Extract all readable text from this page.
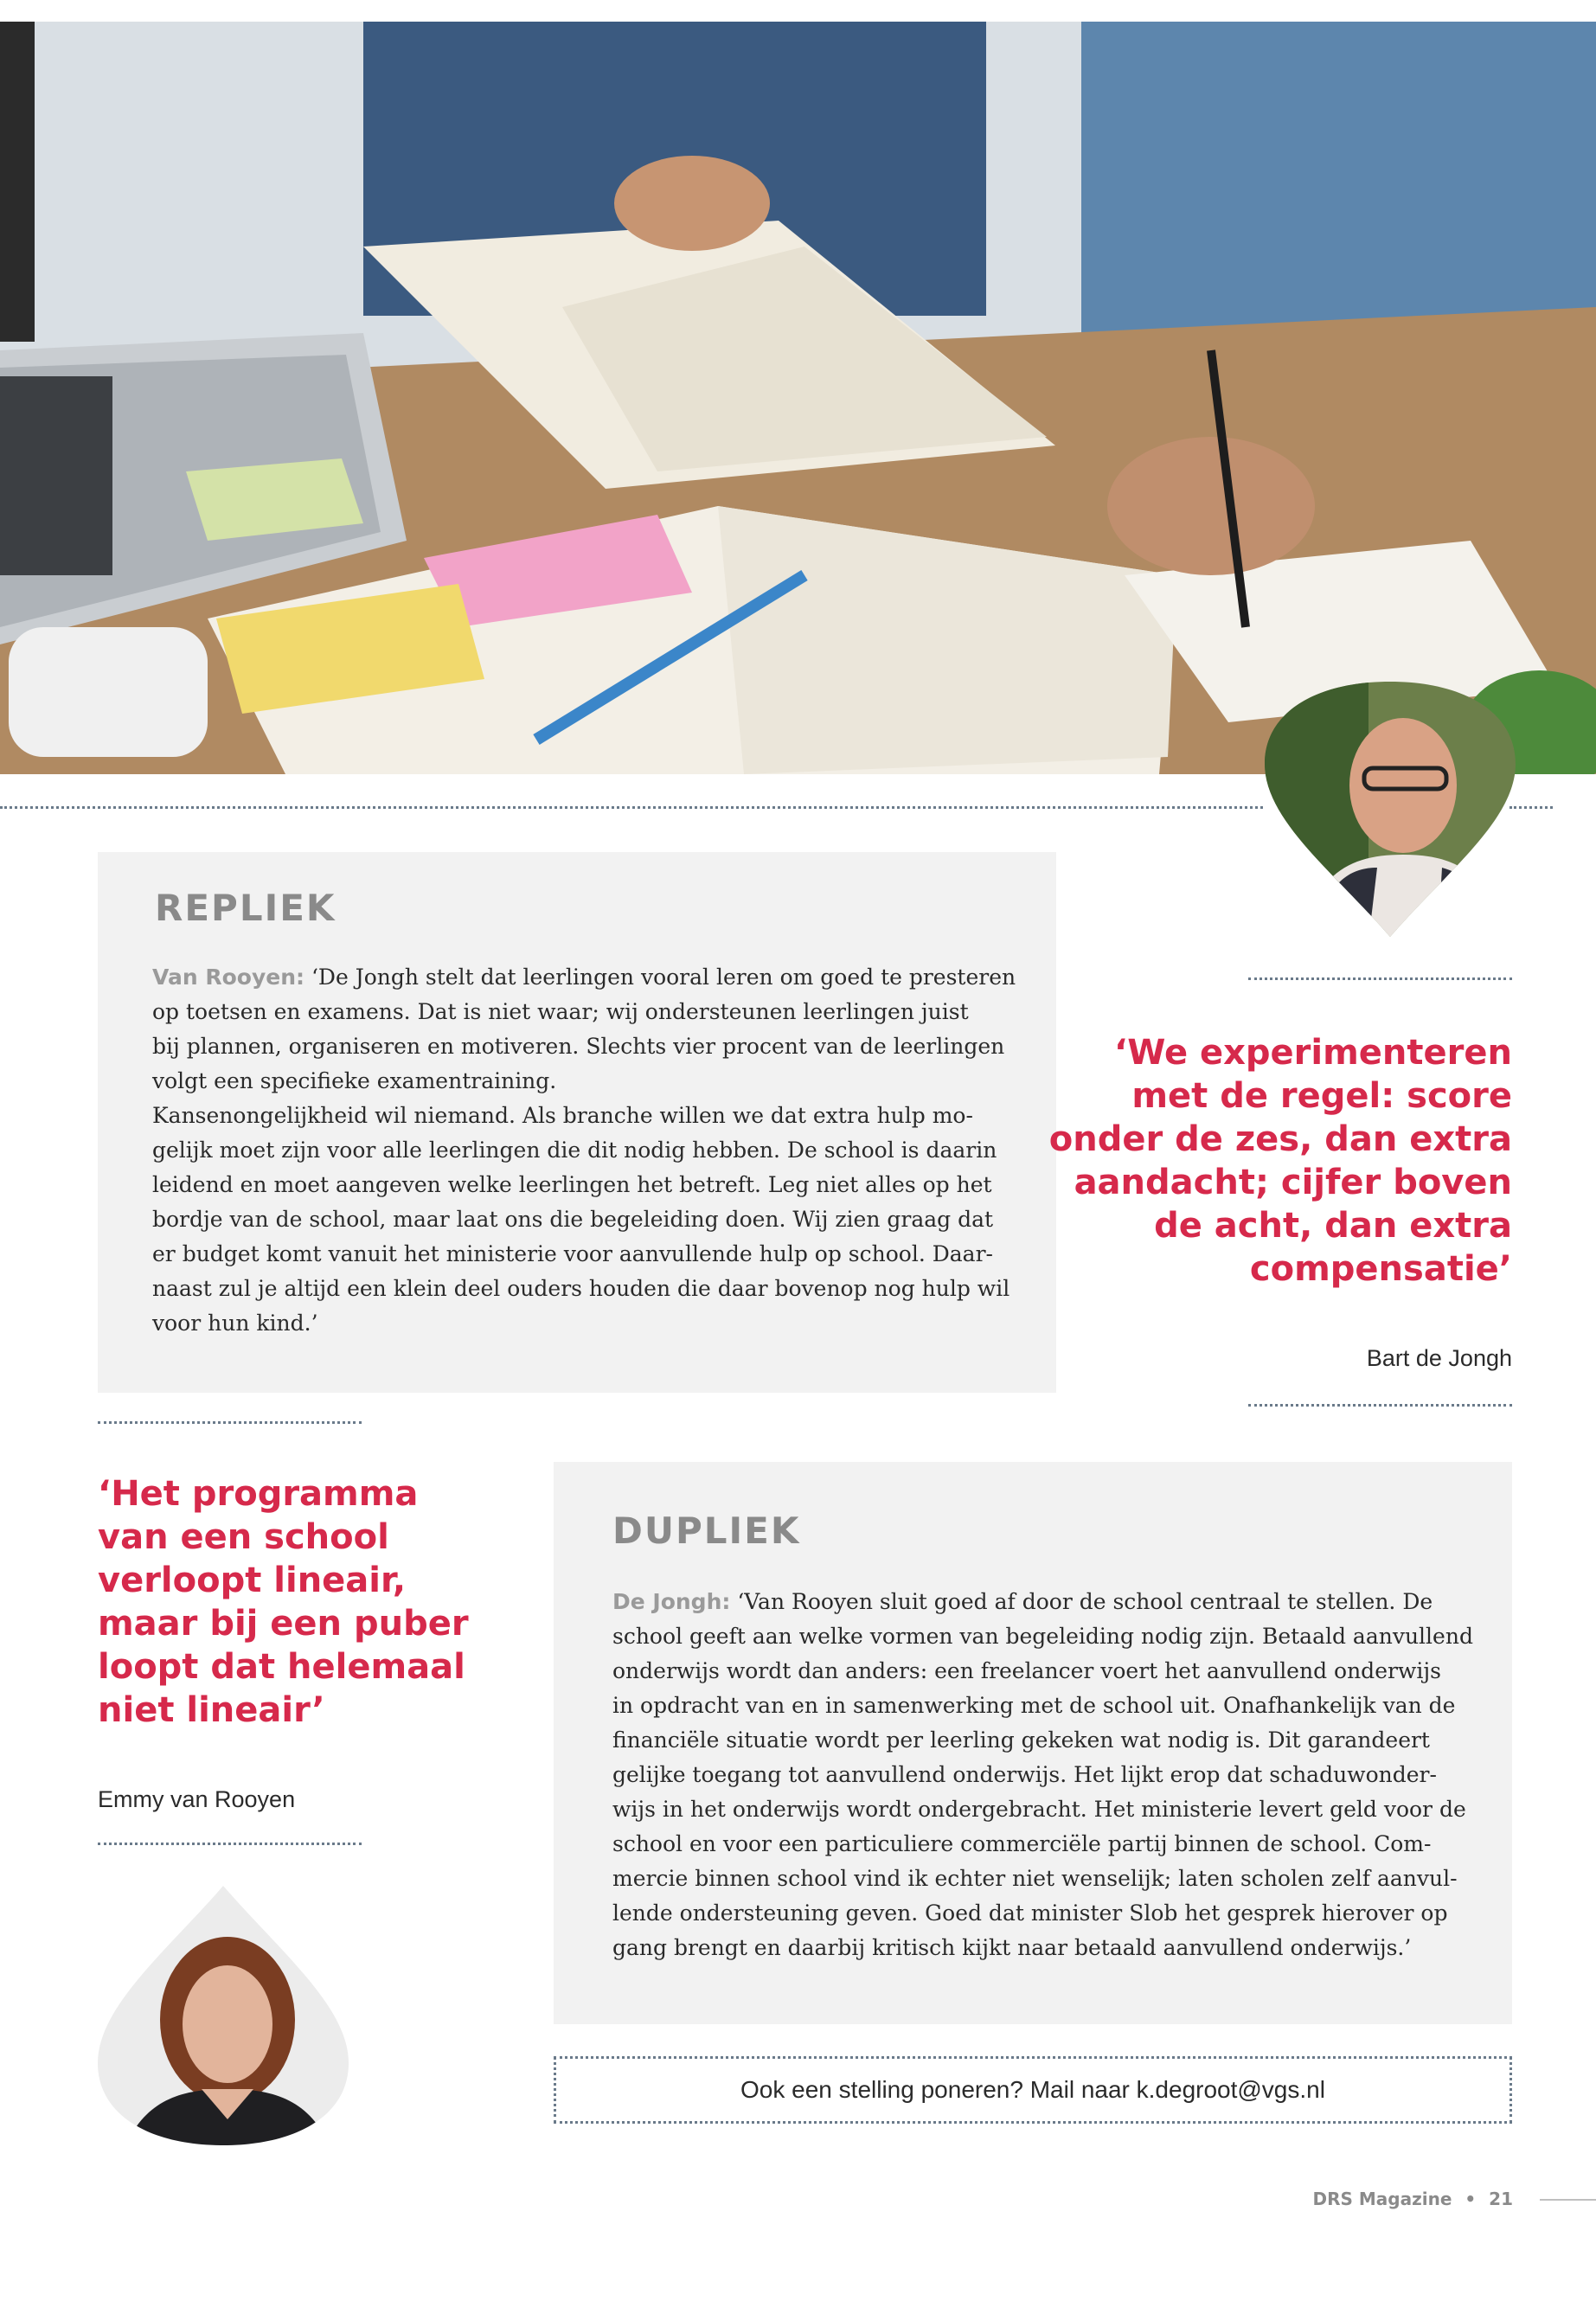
REPLIEK
Van Rooyen: ‘De Jongh stelt dat leerlingen vooral leren om goed te presteren
op toetsen en examens. Dat is niet waar; wij ondersteunen leerlingen juist
bij plannen, organiseren en motiveren. Slechts vier procent van de leerlingen
volgt een specifieke examentraining.
Kansenongelijkheid wil niemand. Als branche willen we dat extra hulp mo-
gelijk moet zijn voor alle leerlingen die dit nodig hebben. De school is daarin
leidend en moet aangeven welke leerlingen het betreft. Leg niet alles op het
bordje van de school, maar laat ons die begeleiding doen. Wij zien graag dat
er budget komt vanuit het ministerie voor aanvullende hulp op school. Daar-
naast zul je altijd een klein deel ouders houden die daar bovenop nog hulp wil
voor hun kind.’
‘We experimenteren
met de regel: score
onder de zes, dan extra
aandacht; cijfer boven
de acht, dan extra
compensatie’
Bart de Jongh
‘Het programma
van een school
verloopt lineair,
maar bij een puber
loopt dat helemaal
niet lineair’
Emmy van Rooyen
DUPLIEK
De Jongh: ‘Van Rooyen sluit goed af door de school centraal te stellen. De
school geeft aan welke vormen van begeleiding nodig zijn. Betaald aanvullend
onderwijs wordt dan anders: een freelancer voert het aanvullend onderwijs
in opdracht van en in samenwerking met de school uit. Onafhankelijk van de
financiële situatie wordt per leerling gekeken wat nodig is. Dit garandeert
gelijke toegang tot aanvullend onderwijs. Het lijkt erop dat schaduwonder-
wijs in het onderwijs wordt ondergebracht. Het ministerie levert geld voor de
school en voor een particuliere commerciële partij binnen de school. Com-
mercie binnen school vind ik echter niet wenselijk; laten scholen zelf aanvul-
lende ondersteuning geven. Goed dat minister Slob het gesprek hierover op
gang brengt en daarbij kritisch kijkt naar betaald aanvullend onderwijs.’
Ook een stelling poneren? Mail naar k.degroot@vgs.nl
DRS Magazine • 21
